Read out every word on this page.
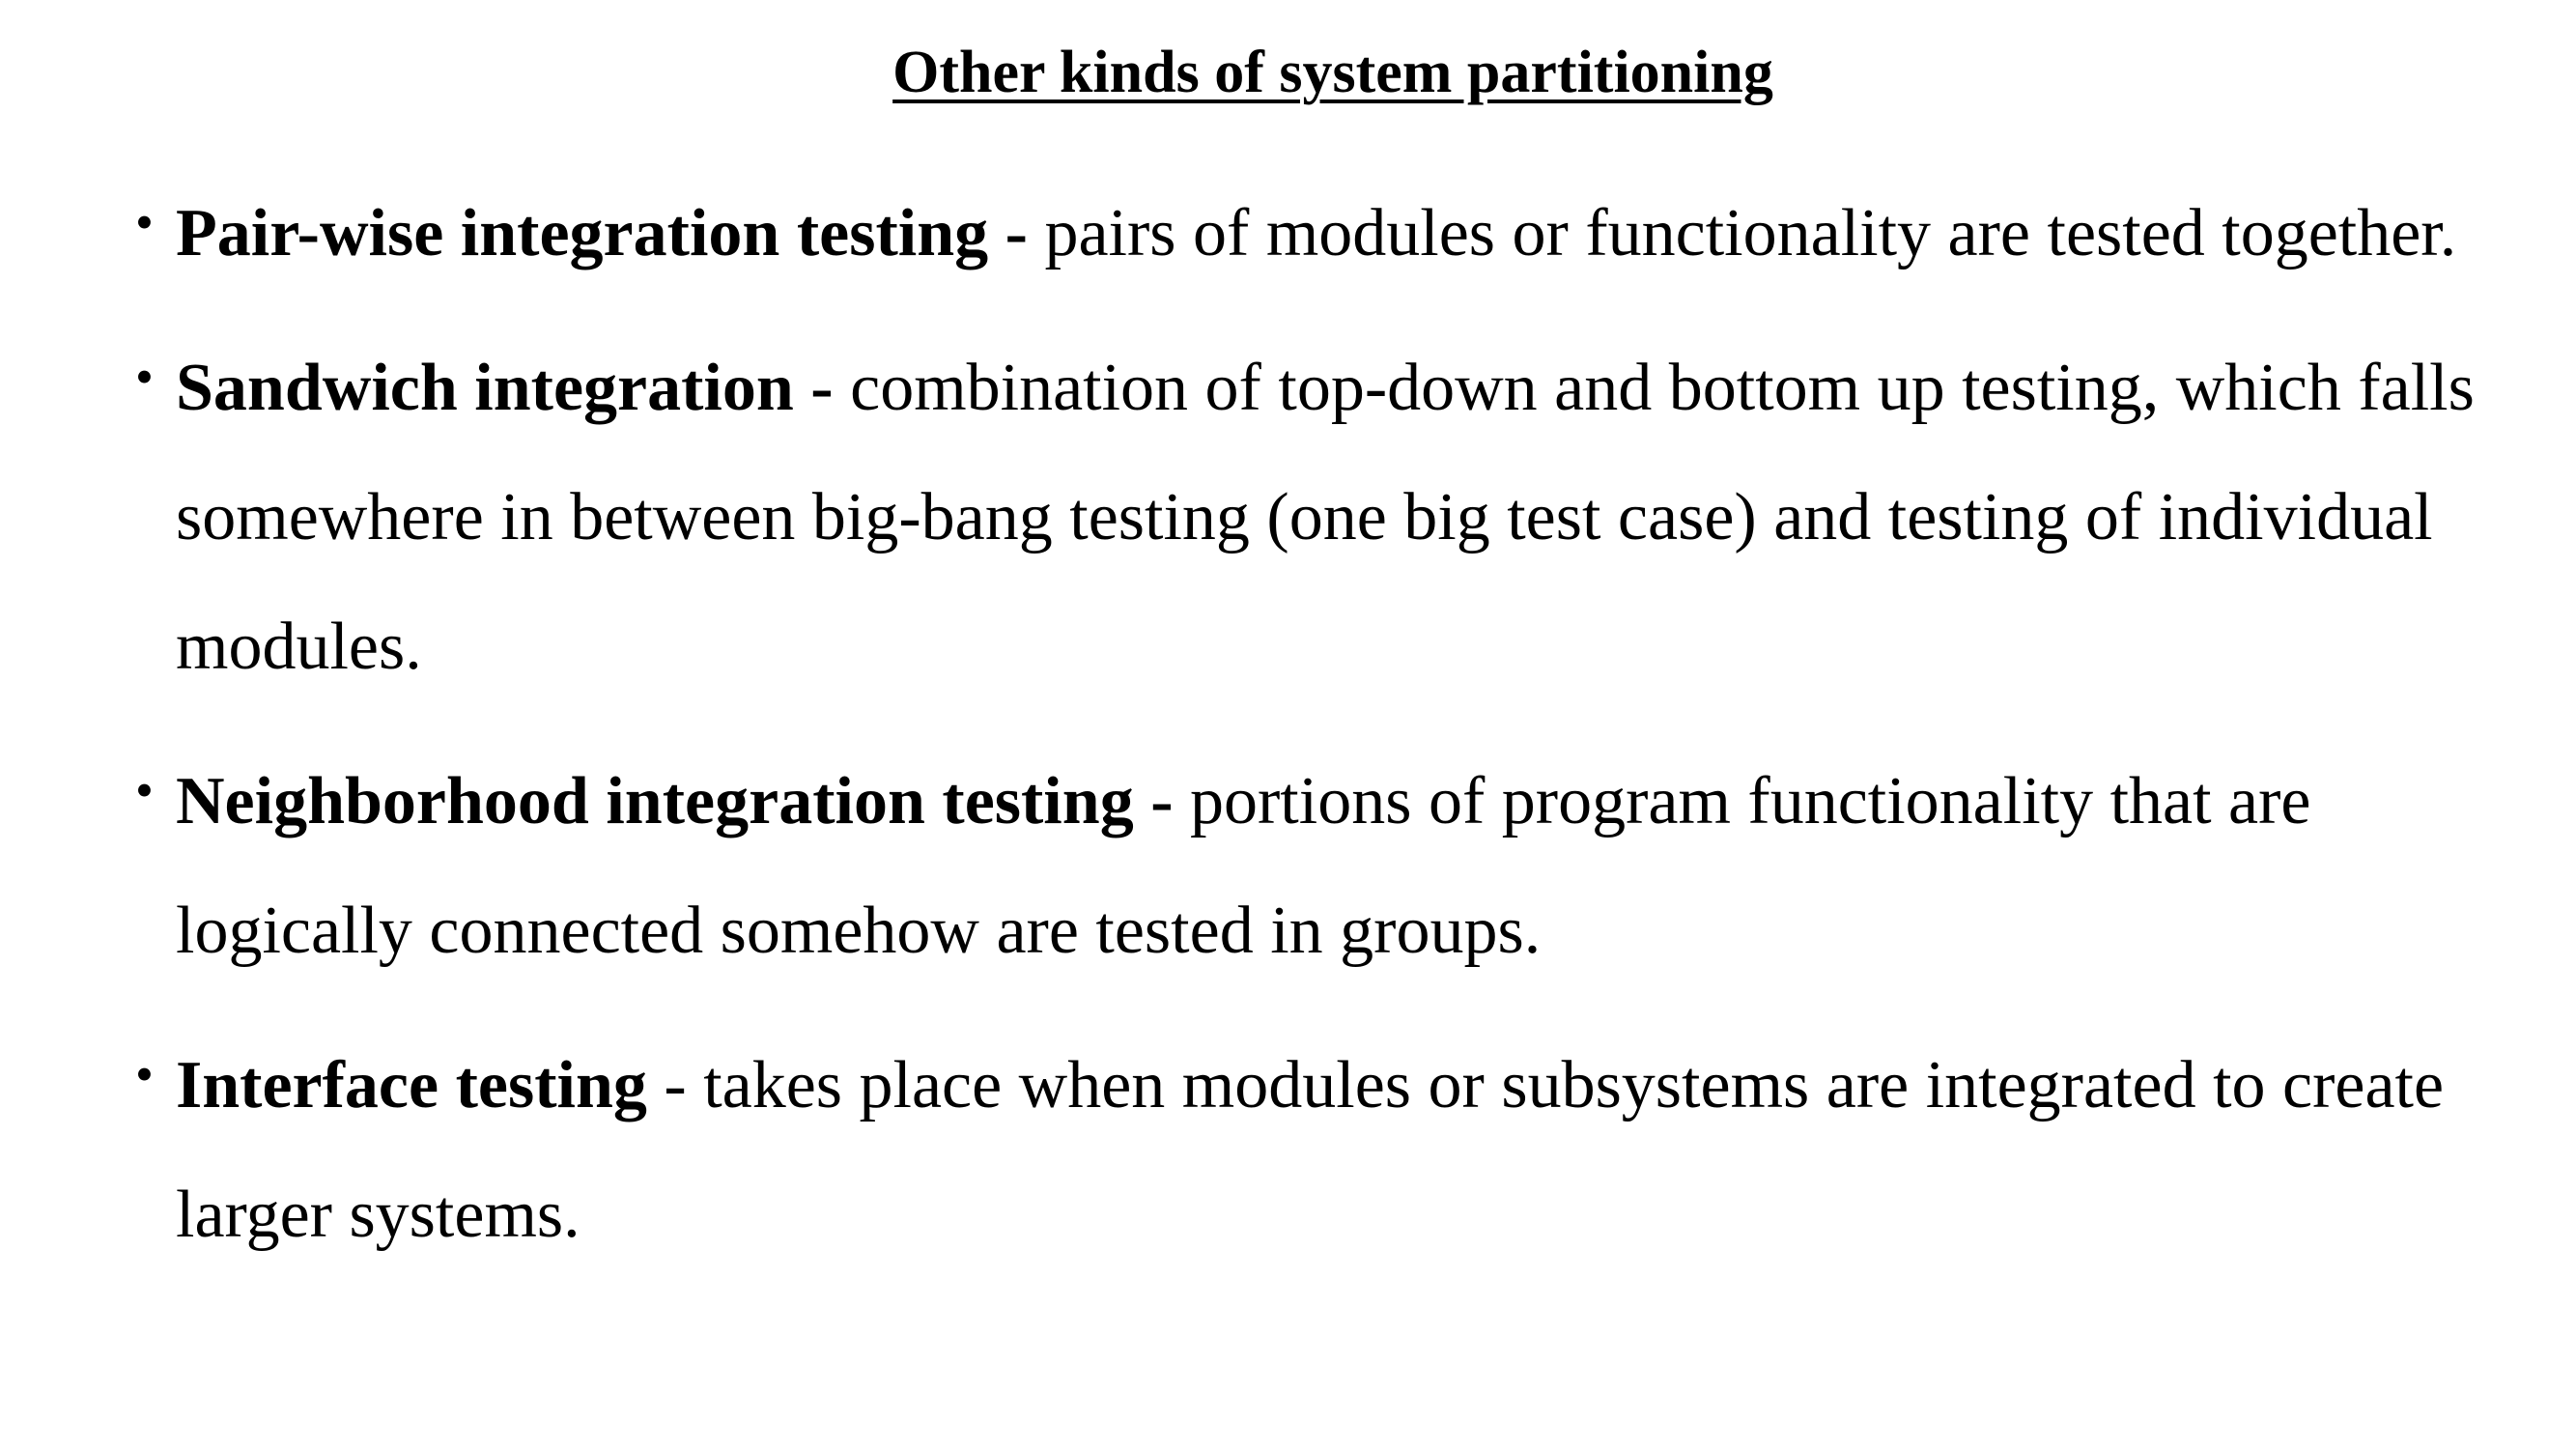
Other kinds of system partitioning
• Pair-wise integration testing - pairs of modules or functionality are tested together.
• Sandwich integration - combination of top-down and bottom up testing, which falls somewhere in between big-bang testing (one big test case) and testing of individual modules.
• Neighborhood integration testing - portions of program functionality that are logically connected somehow are tested in groups.
• Interface testing - takes place when modules or subsystems are integrated to create larger systems.
